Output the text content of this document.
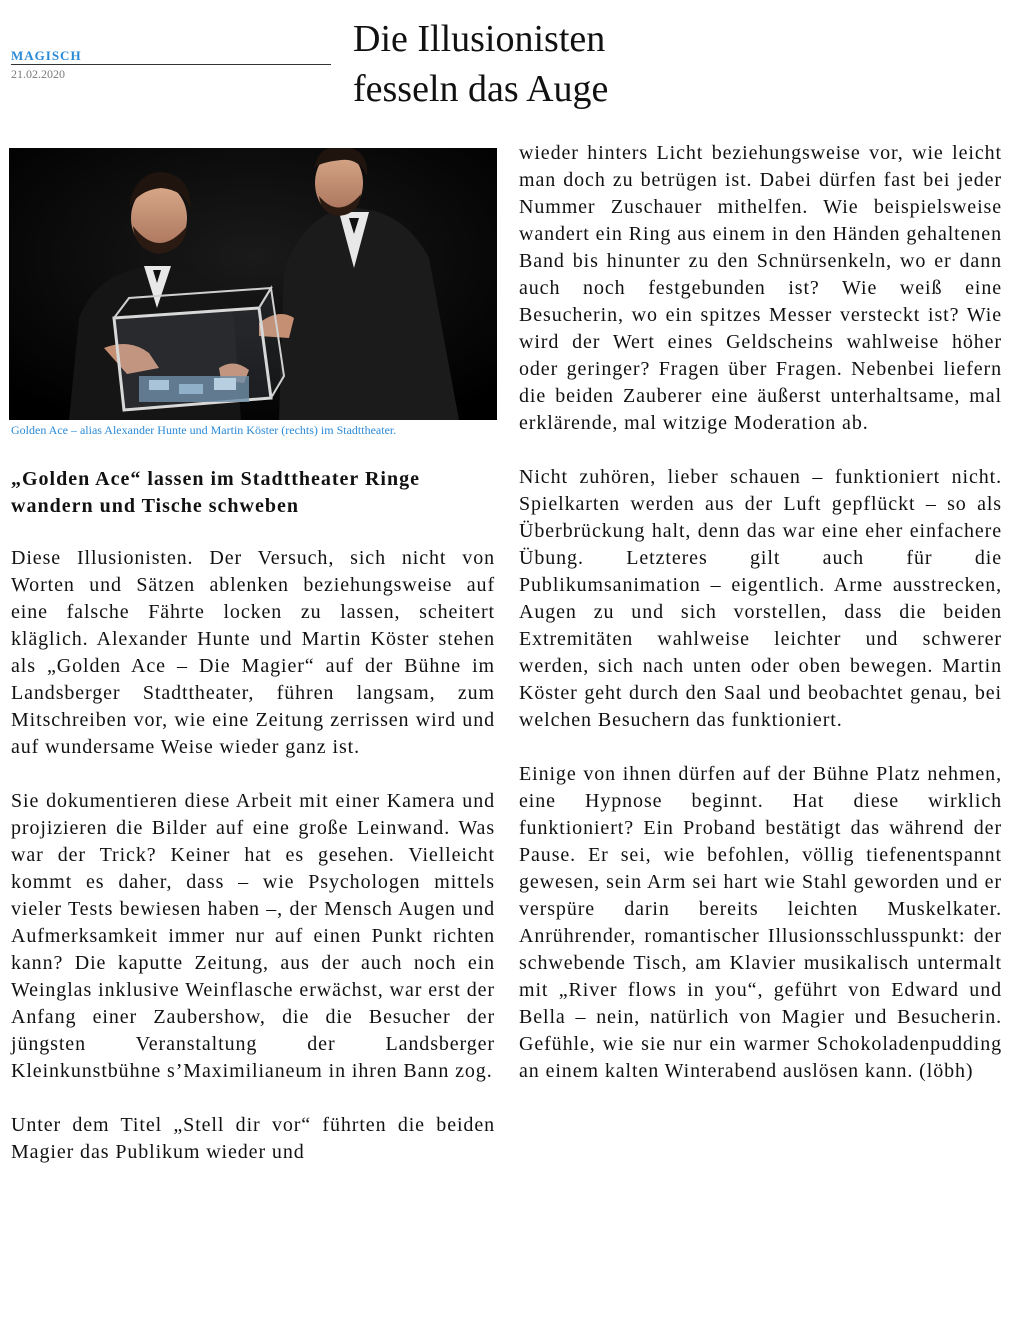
MAGISCH
21.02.2020
Die Illusionisten
fesseln das Auge
Golden Ace – alias Alexander Hunte und Martin Köster (rechts) im Stadttheater.
„Golden Ace“ lassen im Stadttheater Ringe wandern und Tische schweben

Diese Illusionisten. Der Versuch, sich nicht von Worten und Sätzen ablenken beziehungsweise auf eine falsche Fährte locken zu lassen, scheitert kläglich. Alexander Hunte und Martin Köster stehen als „Golden Ace – Die Magier“ auf der Bühne im Landsberger Stadttheater, führen langsam, zum Mitschreiben vor, wie eine Zeitung zerrissen wird und auf wundersame Weise wieder ganz ist.

Sie dokumentieren diese Arbeit mit einer Kamera und projizieren die Bilder auf eine große Leinwand. Was war der Trick? Keiner hat es gesehen. Vielleicht kommt es daher, dass – wie Psychologen mittels vieler Tests bewiesen haben –, der Mensch Augen und Aufmerksamkeit immer nur auf einen Punkt richten kann? Die kaputte Zeitung, aus der auch noch ein Weinglas inklusive Weinflasche erwächst, war erst der Anfang einer Zaubershow, die die Besucher der jüngsten Veranstaltung der Landsberger Kleinkunstbühne s’Maximilianeum in ihren Bann zog.

Unter dem Titel „Stell dir vor“ führten die beiden Magier das Publikum wieder und

wieder hinters Licht beziehungsweise vor, wie leicht man doch zu betrügen ist. Dabei dürfen fast bei jeder Nummer Zuschauer mithelfen. Wie beispielsweise wandert ein Ring aus einem in den Händen gehaltenen Band bis hinunter zu den Schnürsenkeln, wo er dann auch noch festgebunden ist? Wie weiß eine Besucherin, wo ein spitzes Messer versteckt ist? Wie wird der Wert eines Geldscheins wahlweise höher oder geringer? Fragen über Fragen. Nebenbei liefern die beiden Zauberer eine äußerst unterhaltsame, mal erklärende, mal witzige Moderation ab.

Nicht zuhören, lieber schauen – funktioniert nicht. Spielkarten werden aus der Luft gepflückt – so als Überbrückung halt, denn das war eine eher einfachere Übung. Letzteres gilt auch für die Publikumsanimation – eigentlich. Arme ausstrecken, Augen zu und sich vorstellen, dass die beiden Extremitäten wahlweise leichter und schwerer werden, sich nach unten oder oben bewegen. Martin Köster geht durch den Saal und beobachtet genau, bei welchen Besuchern das funktioniert.

Einige von ihnen dürfen auf der Bühne Platz nehmen, eine Hypnose beginnt. Hat diese wirklich funktioniert? Ein Proband bestätigt das während der Pause. Er sei, wie befohlen, völlig tiefenentspannt gewesen, sein Arm sei hart wie Stahl geworden und er verspüre darin bereits leichten Muskelkater. Anrührender, romantischer Illusionsschlusspunkt: der schwebende Tisch, am Klavier musikalisch untermalt mit „River flows in you“, geführt von Edward und Bella – nein, natürlich von Magier und Besucherin. Gefühle, wie sie nur ein warmer Schokoladenpudding an einem kalten Winterabend auslösen kann. (löbh)
